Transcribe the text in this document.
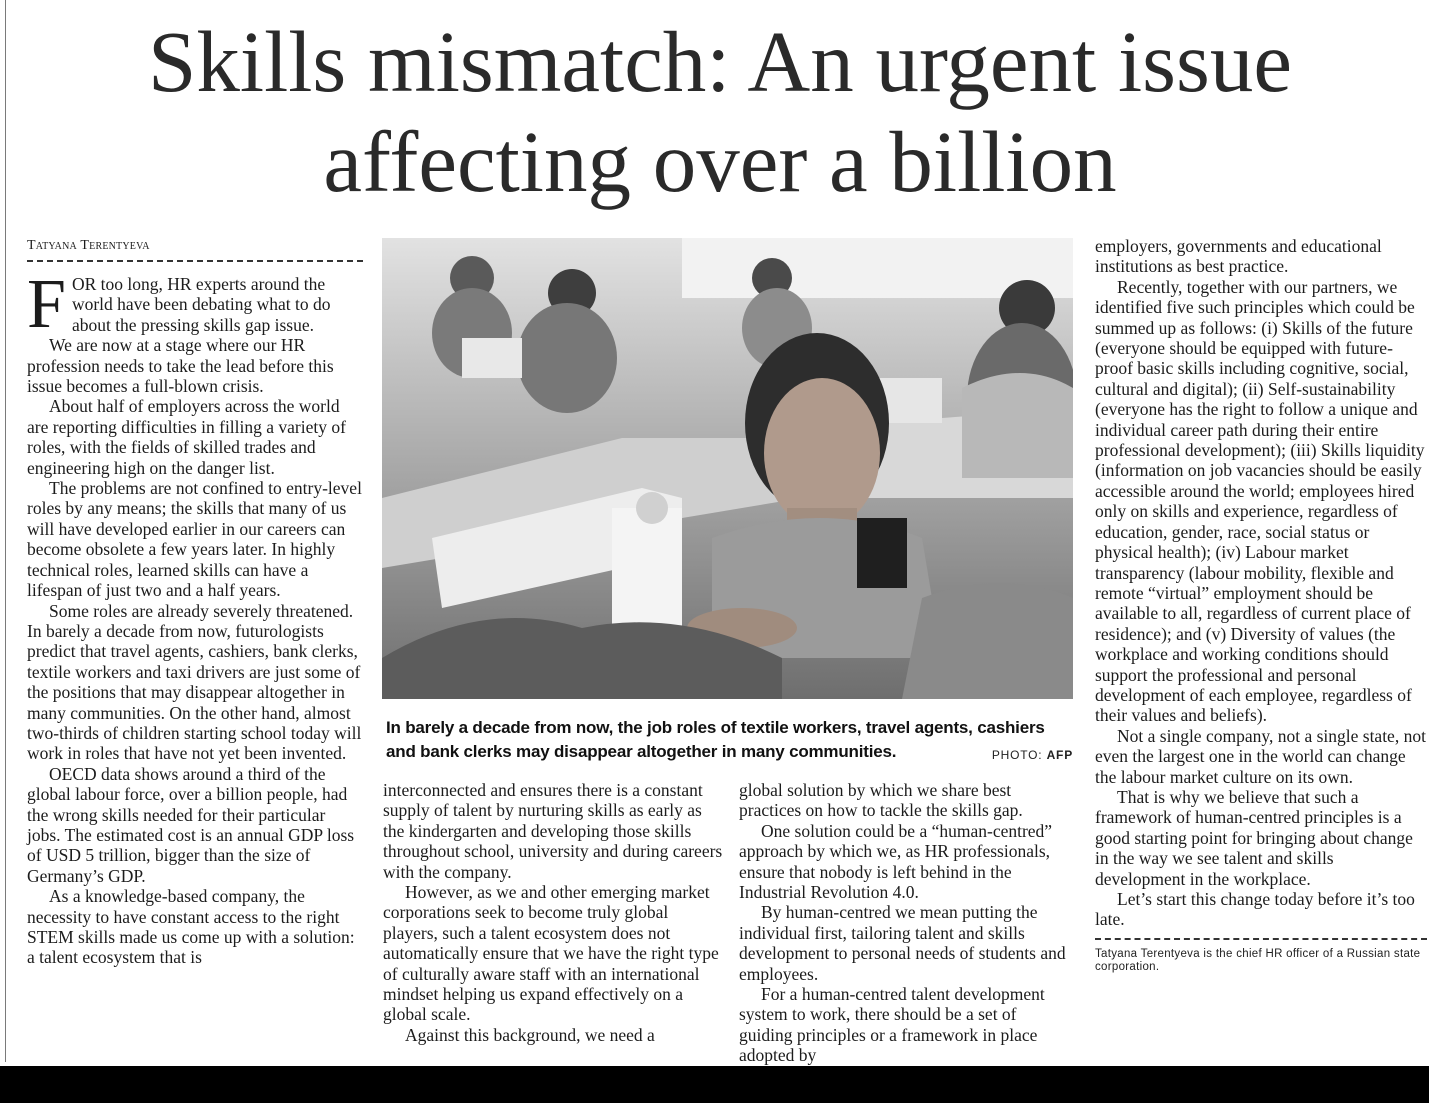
Skills mismatch: An urgent issue
affecting over a billion
Tatyana Terentyeva

FOR too long, HR experts around the world have been debating what to do about the pressing skills gap issue.

We are now at a stage where our HR profession needs to take the lead before this issue becomes a full-blown crisis.

About half of employers across the world are reporting difficulties in filling a variety of roles, with the fields of skilled trades and engineering high on the danger list.

The problems are not confined to entry-level roles by any means; the skills that many of us will have developed earlier in our careers can become obsolete a few years later. In highly technical roles, learned skills can have a lifespan of just two and a half years.

Some roles are already severely threatened. In barely a decade from now, futurologists predict that travel agents, cashiers, bank clerks, textile workers and taxi drivers are just some of the positions that may disappear altogether in many communities. On the other hand, almost two-thirds of children starting school today will work in roles that have not yet been invented.

OECD data shows around a third of the global labour force, over a billion people, had the wrong skills needed for their particular jobs. The estimated cost is an annual GDP loss of USD 5 trillion, bigger than the size of Germany’s GDP.

As a knowledge-based company, the necessity to have constant access to the right STEM skills made us come up with a solution: a talent ecosystem that is

In barely a decade from now, the job roles of textile workers, travel agents, cashiers and bank clerks may disappear altogether in many communities.	PHOTO: AFP

interconnected and ensures there is a constant supply of talent by nurturing skills as early as the kindergarten and developing those skills throughout school, university and during careers with the company.

However, as we and other emerging market corporations seek to become truly global players, such a talent ecosystem does not automatically ensure that we have the right type of culturally aware staff with an international mindset helping us expand effectively on a global scale.

Against this background, we need a

global solution by which we share best practices on how to tackle the skills gap.

One solution could be a “human-centred” approach by which we, as HR professionals, ensure that nobody is left behind in the Industrial Revolution 4.0.

By human-centred we mean putting the individual first, tailoring talent and skills development to personal needs of students and employees.

For a human-centred talent development system to work, there should be a set of guiding principles or a framework in place adopted by

employers, governments and educational institutions as best practice.

Recently, together with our partners, we identified five such principles which could be summed up as follows: (i) Skills of the future (everyone should be equipped with future-proof basic skills including cognitive, social, cultural and digital); (ii) Self-sustainability (everyone has the right to follow a unique and individual career path during their entire professional development); (iii) Skills liquidity (information on job vacancies should be easily accessible around the world; employees hired only on skills and experience, regardless of education, gender, race, social status or physical health); (iv) Labour market transparency (labour mobility, flexible and remote “virtual” employment should be available to all, regardless of current place of residence); and (v) Diversity of values (the workplace and working conditions should support the professional and personal development of each employee, regardless of their values and beliefs).

Not a single company, not a single state, not even the largest one in the world can change the labour market culture on its own.

That is why we believe that such a framework of human-centred principles is a good starting point for bringing about change in the way we see talent and skills development in the workplace.

Let’s start this change today before it’s too late.

Tatyana Terentyeva is the chief HR officer of a Russian state corporation.
